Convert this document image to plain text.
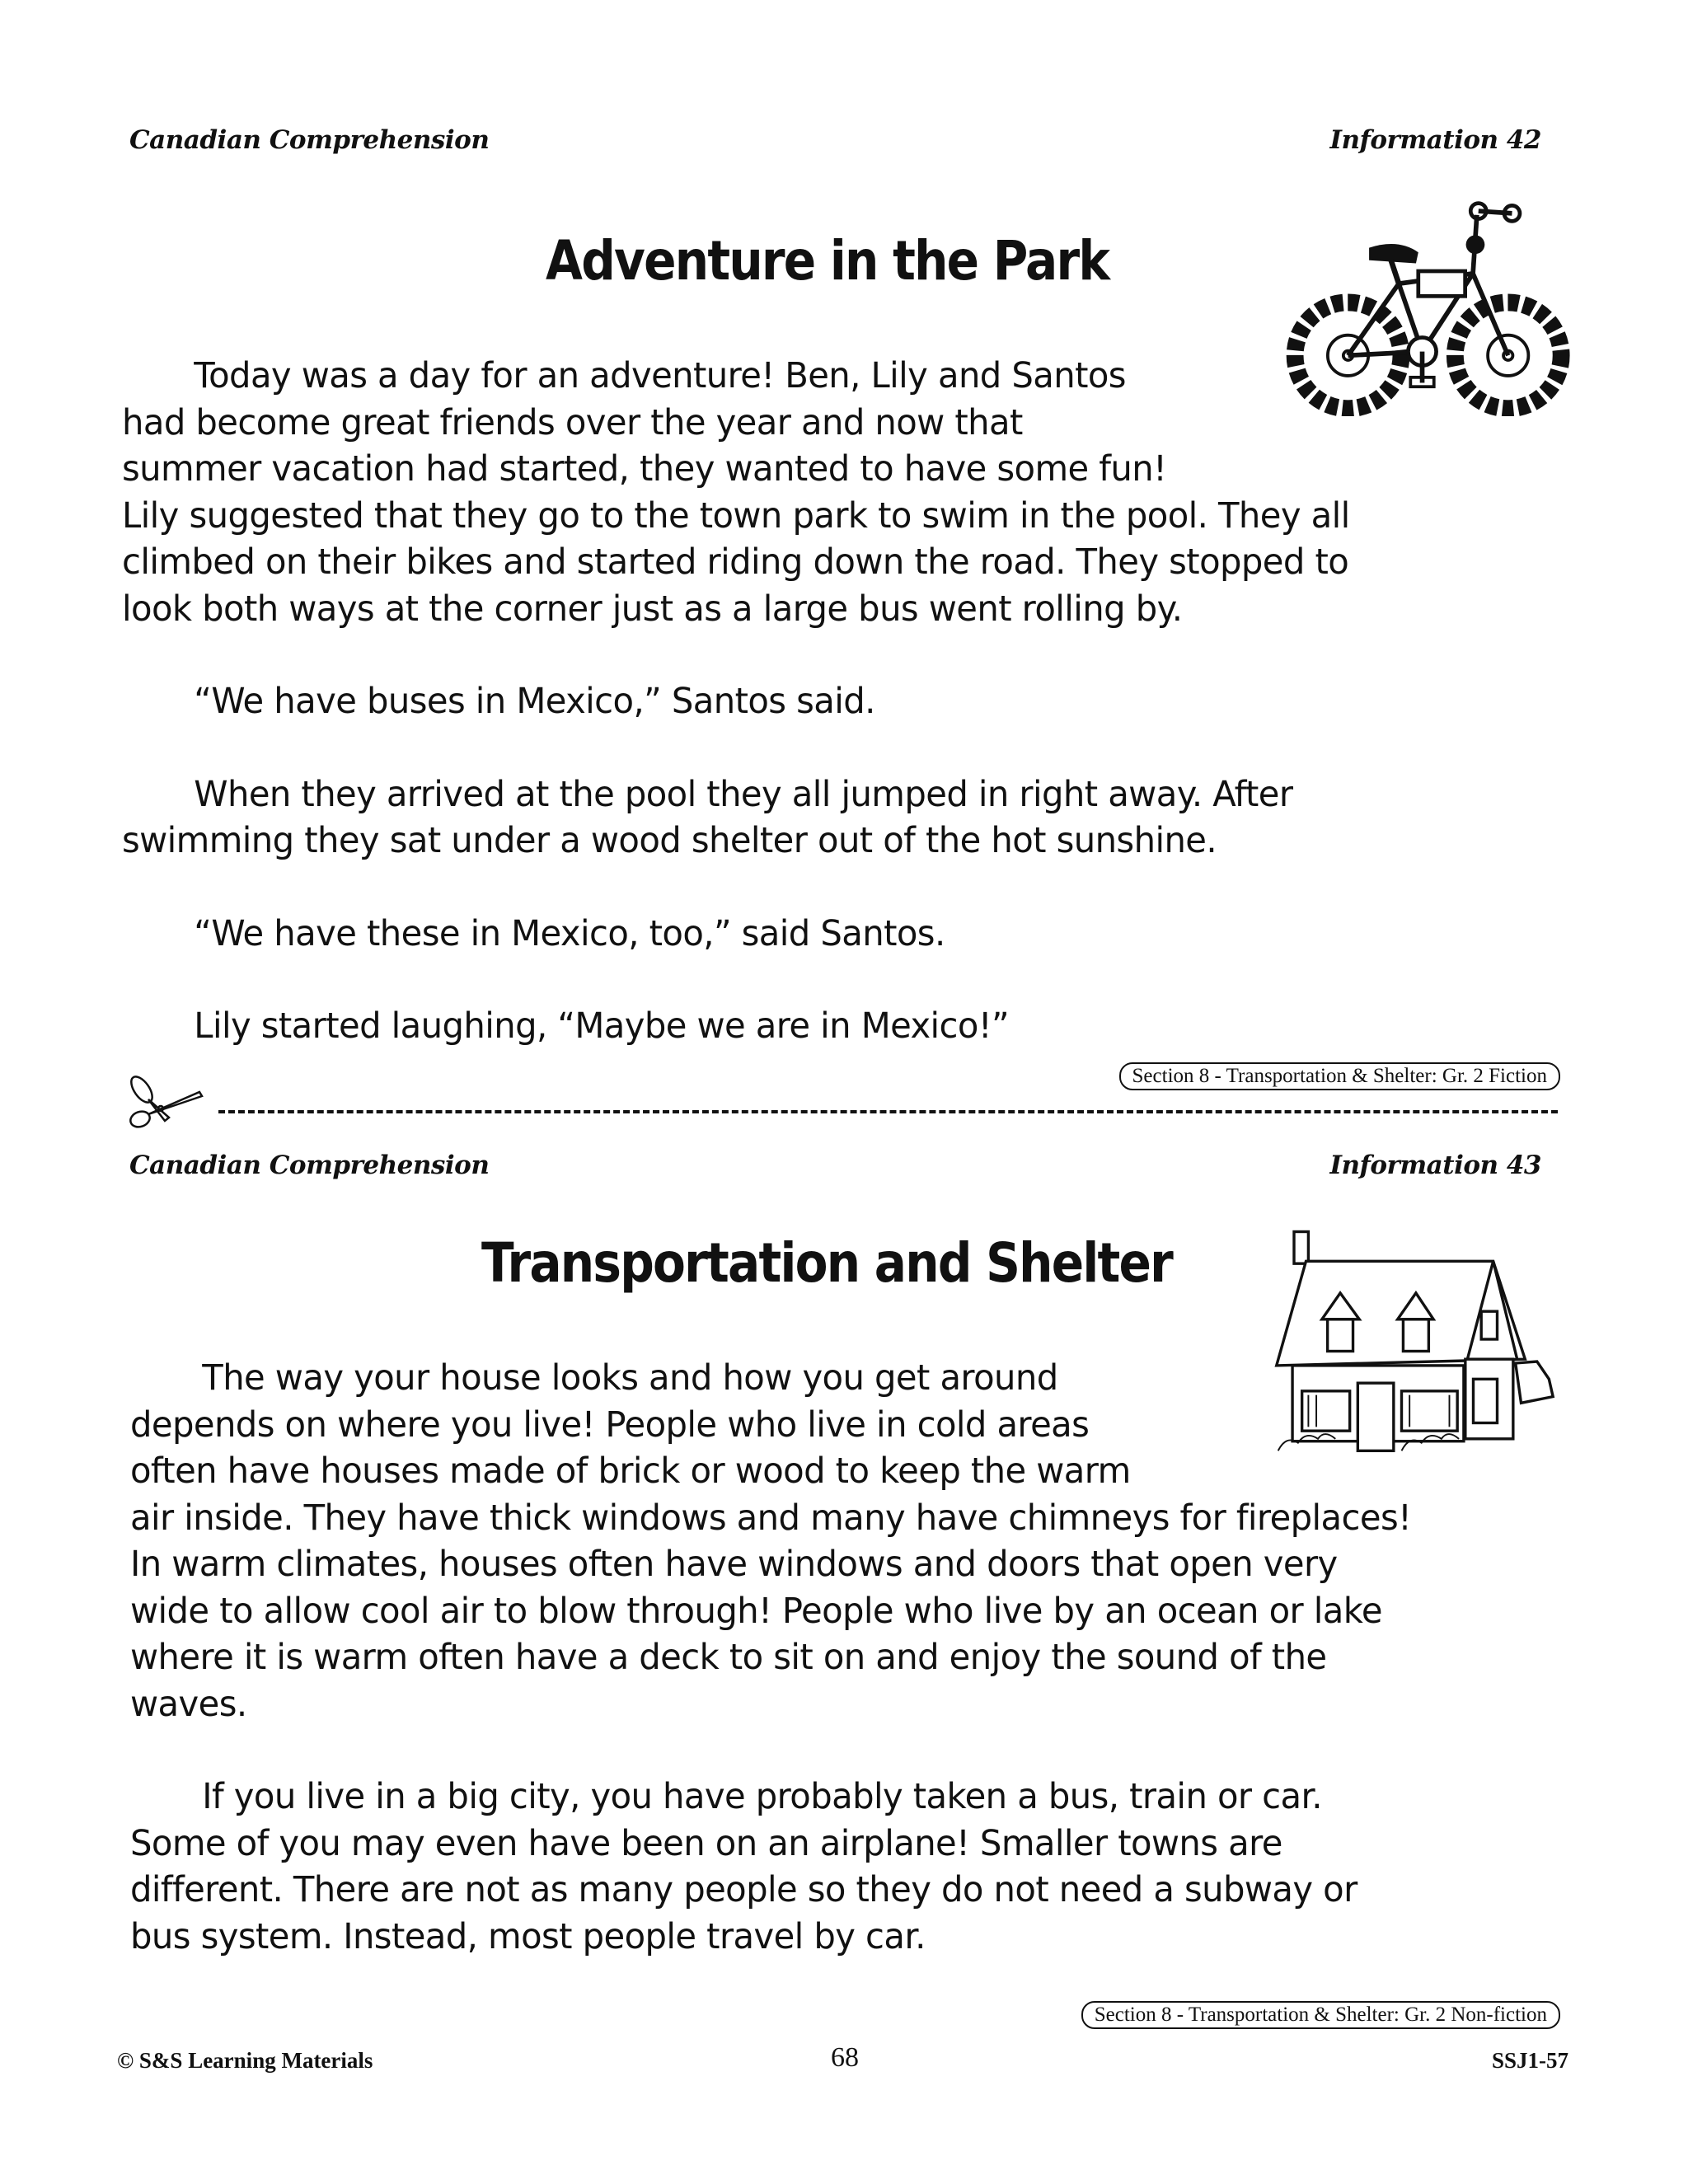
Canadian Comprehension	Information 42
Adventure in the Park

Today was a day for an adventure! Ben, Lily and Santos

had become great friends over the year and now that

summer vacation had started, they wanted to have some fun!

Lily suggested that they go to the town park to swim in the pool. They all

climbed on their bikes and started riding down the road. They stopped to

look both ways at the corner just as a large bus went rolling by.

“We have buses in Mexico,” Santos said.

When they arrived at the pool they all jumped in right away. After

swimming they sat under a wood shelter out of the hot sunshine.

“We have these in Mexico, too,” said Santos.

Lily started laughing, “Maybe we are in Mexico!”

Section 8 - Transportation & Shelter: Gr. 2 Fiction
Canadian Comprehension	Information 43
Transportation and Shelter

The way your house looks and how you get around

depends on where you live! People who live in cold areas

often have houses made of brick or wood to keep the warm

air inside. They have thick windows and many have chimneys for fireplaces!

In warm climates, houses often have windows and doors that open very

wide to allow cool air to blow through! People who live by an ocean or lake

where it is warm often have a deck to sit on and enjoy the sound of the

waves.

If you live in a big city, you have probably taken a bus, train or car.

Some of you may even have been on an airplane! Smaller towns are

different. There are not as many people so they do not need a subway or

bus system. Instead, most people travel by car.

Section 8 - Transportation & Shelter: Gr. 2 Non-fiction
© S&S Learning Materials	68	SSJ1-57
